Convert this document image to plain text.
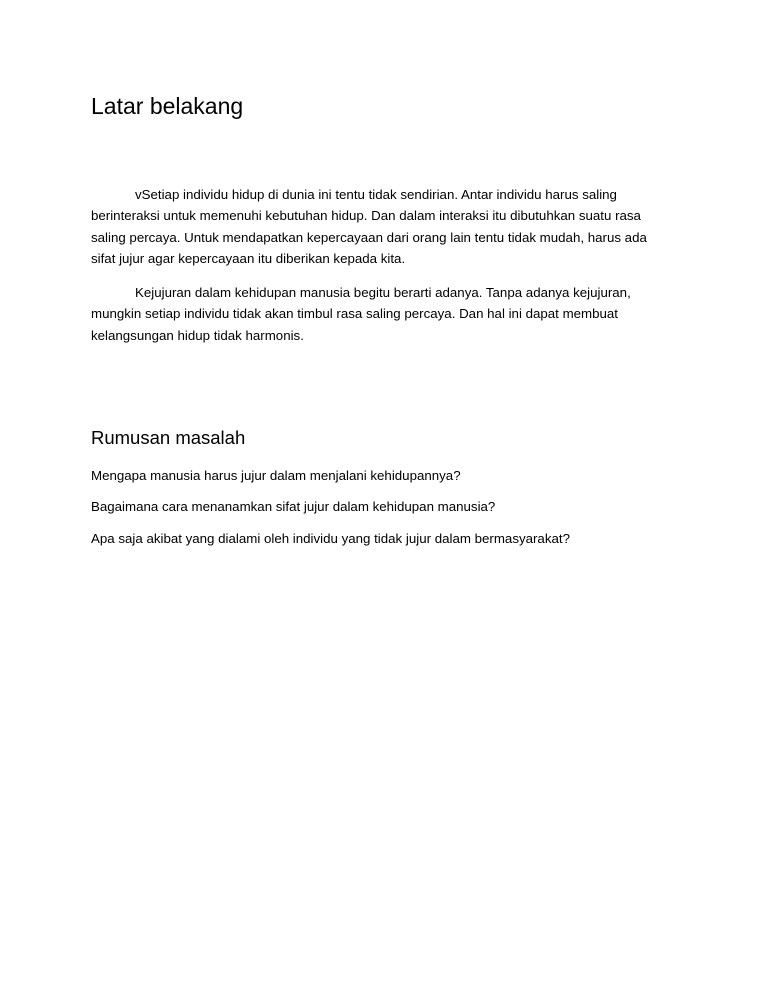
Latar belakang

vSetiap individu hidup di dunia ini tentu tidak sendirian. Antar individu harus saling
berinteraksi untuk memenuhi kebutuhan hidup. Dan dalam interaksi itu dibutuhkan suatu rasa
saling percaya. Untuk mendapatkan kepercayaan dari orang lain tentu tidak mudah, harus ada
sifat jujur agar kepercayaan itu diberikan kepada kita.

Kejujuran dalam kehidupan manusia begitu berarti adanya. Tanpa adanya kejujuran,
mungkin setiap individu tidak akan timbul rasa saling percaya. Dan hal ini dapat membuat
kelangsungan hidup tidak harmonis.

Rumusan masalah

Mengapa manusia harus jujur dalam menjalani kehidupannya?

Bagaimana cara menanamkan sifat jujur dalam kehidupan manusia?

Apa saja akibat yang dialami oleh individu yang tidak jujur dalam bermasyarakat?
